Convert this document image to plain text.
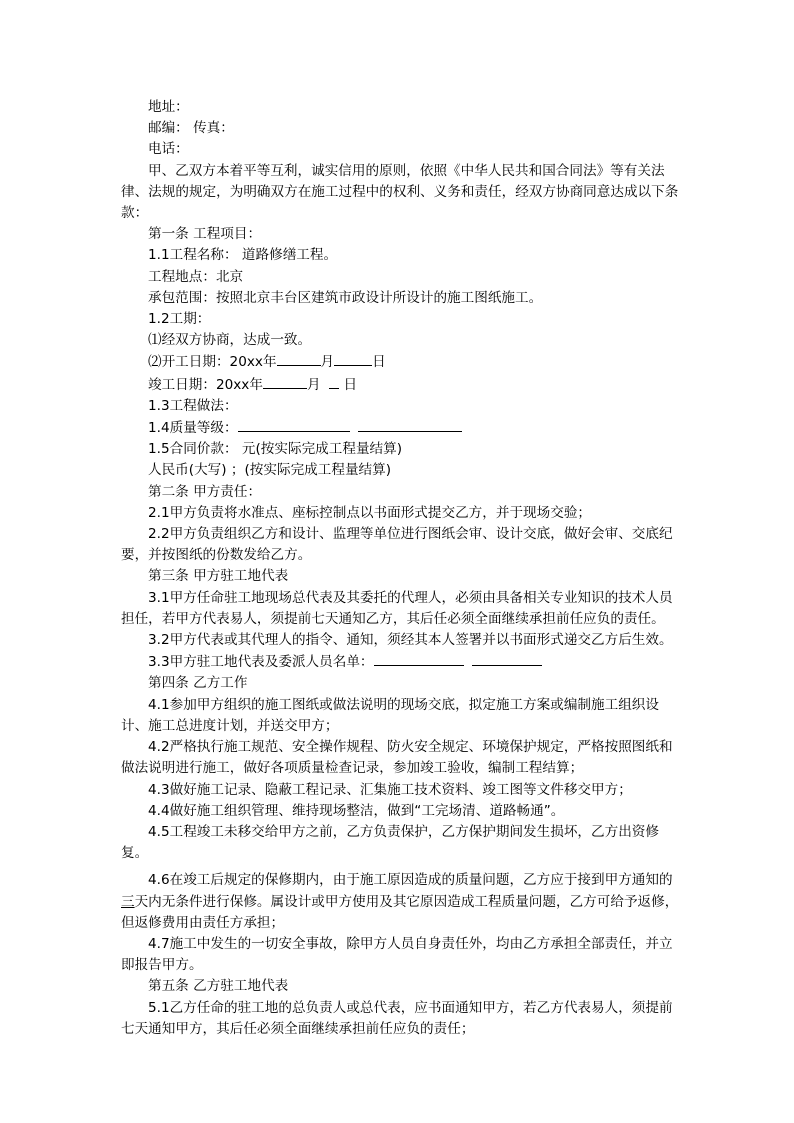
地址：

邮编： 传真：

电话：

甲、乙双方本着平等互利，诚实信用的原则，依照《中华人民共和国合同法》等有关法律、法规的规定，为明确双方在施工过程中的权利、义务和责任，经双方协商同意达成以下条款：

第一条 工程项目：

1.1工程名称： 道路修缮工程。

工程地点：北京

承包范围：按照北京丰台区建筑市政设计所设计的施工图纸施工。

1.2工期：

⑴经双方协商，达成一致。

⑵开工日期：20xx年	月	日

竣工日期：20xx年	月 日

1.3工程做法：

1.4质量等级：

1.5合同价款： 元(按实际完成工程量结算)

人民币(大写) ；(按实际完成工程量结算)

第二条 甲方责任：

2.1甲方负责将水准点、座标控制点以书面形式提交乙方，并于现场交验；

2.2甲方负责组织乙方和设计、监理等单位进行图纸会审、设计交底，做好会审、交底纪要，并按图纸的份数发给乙方。

第三条 甲方驻工地代表

3.1甲方任命驻工地现场总代表及其委托的代理人，必须由具备相关专业知识的技术人员担任，若甲方代表易人，须提前七天通知乙方，其后任必须全面继续承担前任应负的责任。

3.2甲方代表或其代理人的指令、通知，须经其本人签署并以书面形式递交乙方后生效。

3.3甲方驻工地代表及委派人员名单：

第四条 乙方工作

4.1参加甲方组织的施工图纸或做法说明的现场交底，拟定施工方案或编制施工组织设计、施工总进度计划，并送交甲方；

4.2严格执行施工规范、安全操作规程、防火安全规定、环境保护规定，严格按照图纸和做法说明进行施工，做好各项质量检查记录，参加竣工验收，编制工程结算；

4.3做好施工记录、隐蔽工程记录、汇集施工技术资料、竣工图等文件移交甲方；

4.4做好施工组织管理、维持现场整洁，做到“工完场清、道路畅通”。

4.5工程竣工未移交给甲方之前，乙方负责保护，乙方保护期间发生损坏，乙方出资修复。

4.6在竣工后规定的保修期内，由于施工原因造成的质量问题，乙方应于接到甲方通知的三天内无条件进行保修。属设计或甲方使用及其它原因造成工程质量问题，乙方可给予返修， 但返修费用由责任方承担；

4.7施工中发生的一切安全事故，除甲方人员自身责任外，均由乙方承担全部责任，并立即报告甲方。

第五条 乙方驻工地代表

5.1乙方任命的驻工地的总负责人或总代表，应书面通知甲方，若乙方代表易人，须提前七天通知甲方，其后任必须全面继续承担前任应负的责任；
